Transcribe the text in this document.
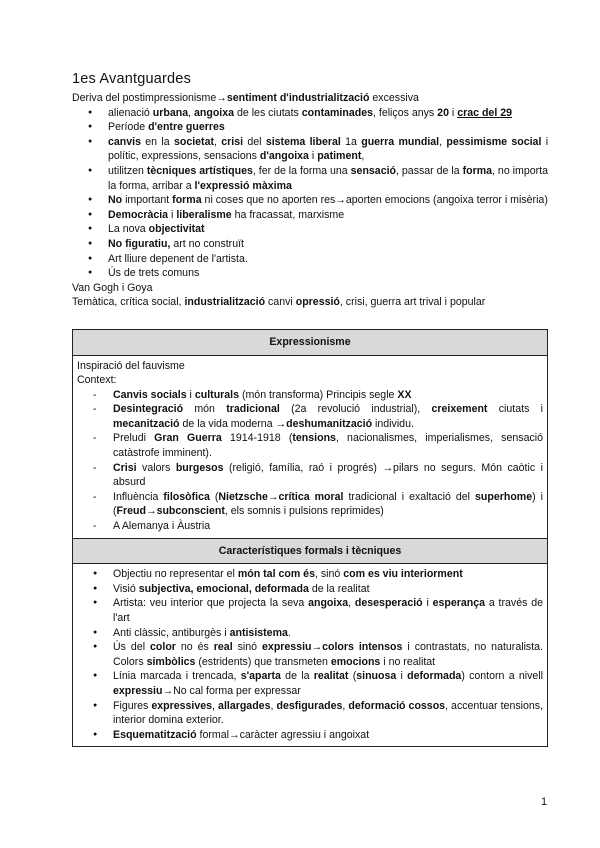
1es Avantguardes

Deriva del postimpressionisme→sentiment d'industrialització excessiva

● alienació urbana, angoixa de les ciutats contaminades, feliços anys 20 i crac del 29
● Període d'entre guerres
● canvis en la societat, crisi del sistema liberal 1a guerra mundial, pessimisme social i polític, expressions, sensacions d'angoixa i patiment,
● utilitzen tècniques artístiques, fer de la forma una sensació, passar de la forma, no importa la forma, arribar a l'expressió màxima
● No important forma ni coses que no aporten res→aporten emocions (angoixa terror i misèria)
● Democràcia i liberalisme ha fracassat, marxisme
● La nova objectivitat
● No figuratiu, art no construït
● Art lliure depenent de l'artista.
● Ús de trets comuns

Van Gogh i Goya

Temàtica, crítica social, industrialització canvi opressió, crisi, guerra art trival i popular

Expressionisme

Inspiració del fauvisme

Context:

- Canvis socials i culturals (món transforma) Principis segle XX
- Desintegració món tradicional (2a revolució industrial), creixement ciutats i mecanització de la vida moderna →deshumanització individu.
- Preludi Gran Guerra 1914-1918 (tensions, nacionalismes, imperialismes, sensació catàstrofe imminent).
- Crisi valors burgesos (religió, família, raó i progrés) →pilars no segurs. Món caòtic i absurd
- Influència filosòfica (Nietzsche→crítica moral tradicional i exaltació del superhome) i (Freud→subconscient, els somnis i pulsions reprimides)
- A Alemanya i Àustria

Característiques formals i tècniques

● Objectiu no representar el món tal com és, sinó com es viu interiorment
● Visió subjectiva, emocional, deformada de la realitat
● Artista: veu interior que projecta la seva angoixa, desesperació i esperança a través de l'art
● Anti clàssic, antiburgès i antisistema.
● Ús del color no és real sinó expressiu→colors intensos i contrastats, no naturalista. Colors simbòlics (estridents) que transmeten emocions i no realitat
● Línia marcada i trencada, s'aparta de la realitat (sinuosa i deformada) contorn a nivell expressiu→No cal forma per expressar
● Figures expressives, allargades, desfigurades, deformació cossos, accentuar tensions, interior domina exterior.
● Esquematització formal→caràcter agressiu i angoixat
1
